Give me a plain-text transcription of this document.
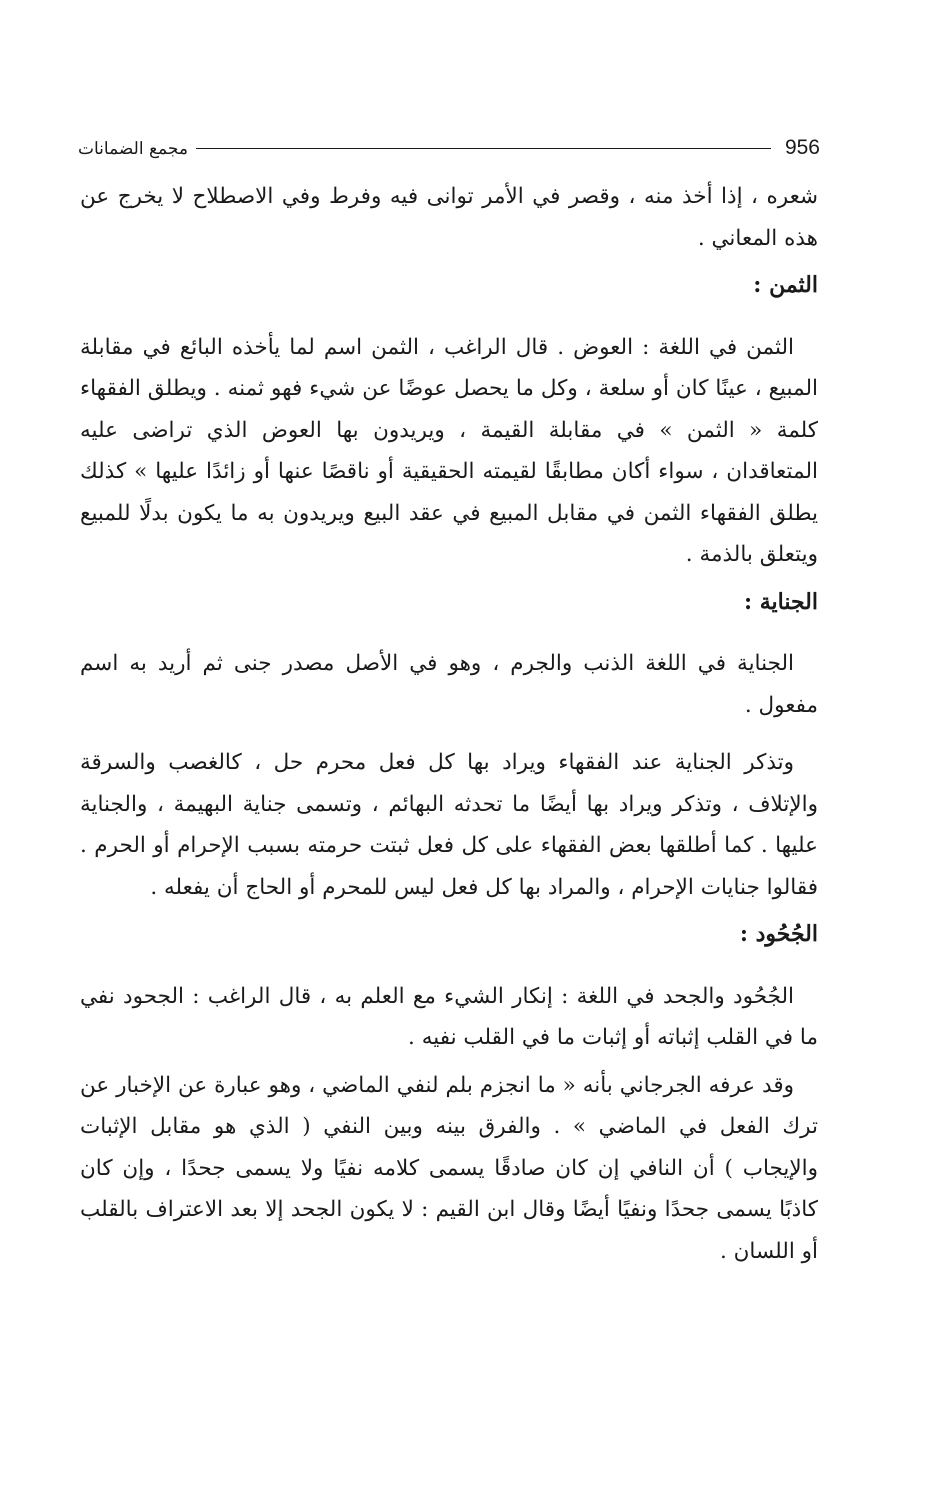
956
مجمع الضمانات

شعره ، إذا أخذ منه ، وقصر في الأمر توانى فيه وفرط وفي الاصطلاح لا يخرج عن هذه المعاني .

الثمن :

الثمن في اللغة : العوض . قال الراغب ، الثمن اسم لما يأخذه البائع في مقابلة المبيع ، عينًا كان أو سلعة ، وكل ما يحصل عوضًا عن شيء فهو ثمنه . ويطلق الفقهاء كلمة « الثمن » في مقابلة القيمة ، ويريدون بها العوض الذي تراضى عليه المتعاقدان ، سواء أكان مطابقًا لقيمته الحقيقية أو ناقصًا عنها أو زائدًا عليها » كذلك يطلق الفقهاء الثمن في مقابل المبيع في عقد البيع ويريدون به ما يكون بدلًا للمبيع ويتعلق بالذمة .

الجناية :

الجناية في اللغة الذنب والجرم ، وهو في الأصل مصدر جنى ثم أريد به اسم مفعول .

وتذكر الجناية عند الفقهاء ويراد بها كل فعل محرم حل ، كالغصب والسرقة والإتلاف ، وتذكر ويراد بها أيضًا ما تحدثه البهائم ، وتسمى جناية البهيمة ، والجناية عليها . كما أطلقها بعض الفقهاء على كل فعل ثبتت حرمته بسبب الإحرام أو الحرم . فقالوا جنايات الإحرام ، والمراد بها كل فعل ليس للمحرم أو الحاج أن يفعله .

الجُحُود :

الجُحُود والجحد في اللغة : إنكار الشيء مع العلم به ، قال الراغب : الجحود نفي ما في القلب إثباته أو إثبات ما في القلب نفيه .

وقد عرفه الجرجاني بأنه « ما انجزم بلم لنفي الماضي ، وهو عبارة عن الإخبار عن ترك الفعل في الماضي » . والفرق بينه وبين النفي ( الذي هو مقابل الإثبات والإيجاب ) أن النافي إن كان صادقًا يسمى كلامه نفيًا ولا يسمى جحدًا ، وإن كان كاذبًا يسمى جحدًا ونفيًا أيضًا وقال ابن القيم : لا يكون الجحد إلا بعد الاعتراف بالقلب أو اللسان .
